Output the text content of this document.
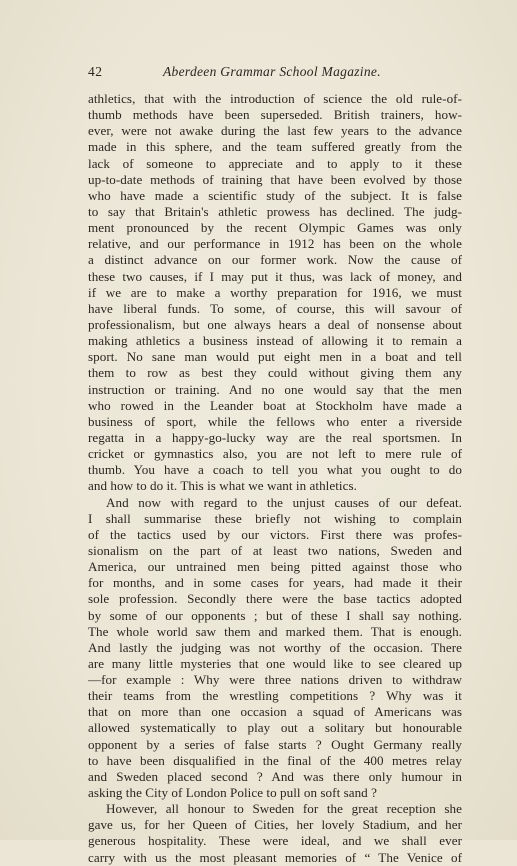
42	Aberdeen Grammar School Magazine.
athletics, that with the introduction of science the old rule-of-
thumb methods have been superseded. British trainers, how-
ever, were not awake during the last few years to the advance
made in this sphere, and the team suffered greatly from the
lack of someone to appreciate and to apply to it these
up-to-date methods of training that have been evolved by those
who have made a scientific study of the subject. It is false
to say that Britain's athletic prowess has declined. The judg-
ment pronounced by the recent Olympic Games was only
relative, and our performance in 1912 has been on the whole
a distinct advance on our former work. Now the cause of
these two causes, if I may put it thus, was lack of money, and
if we are to make a worthy preparation for 1916, we must
have liberal funds. To some, of course, this will savour of
professionalism, but one always hears a deal of nonsense about
making athletics a business instead of allowing it to remain a
sport. No sane man would put eight men in a boat and tell
them to row as best they could without giving them any
instruction or training. And no one would say that the men
who rowed in the Leander boat at Stockholm have made a
business of sport, while the fellows who enter a riverside
regatta in a happy-go-lucky way are the real sportsmen. In
cricket or gymnastics also, you are not left to mere rule of
thumb. You have a coach to tell you what you ought to do
and how to do it. This is what we want in athletics.
And now with regard to the unjust causes of our defeat.
I shall summarise these briefly not wishing to complain
of the tactics used by our victors. First there was profes-
sionalism on the part of at least two nations, Sweden and
America, our untrained men being pitted against those who
for months, and in some cases for years, had made it their
sole profession. Secondly there were the base tactics adopted
by some of our opponents ; but of these I shall say nothing.
The whole world saw them and marked them. That is enough.
And lastly the judging was not worthy of the occasion. There
are many little mysteries that one would like to see cleared up
—for example : Why were three nations driven to withdraw
their teams from the wrestling competitions ? Why was it
that on more than one occasion a squad of Americans was
allowed systematically to play out a solitary but honourable
opponent by a series of false starts ? Ought Germany really
to have been disqualified in the final of the 400 metres relay
and Sweden placed second ? And was there only humour in
asking the City of London Police to pull on soft sand ?
However, all honour to Sweden for the great reception she
gave us, for her Queen of Cities, her lovely Stadium, and her
generous hospitality. These were ideal, and we shall ever
carry with us the most pleasant memories of “ The Venice of
